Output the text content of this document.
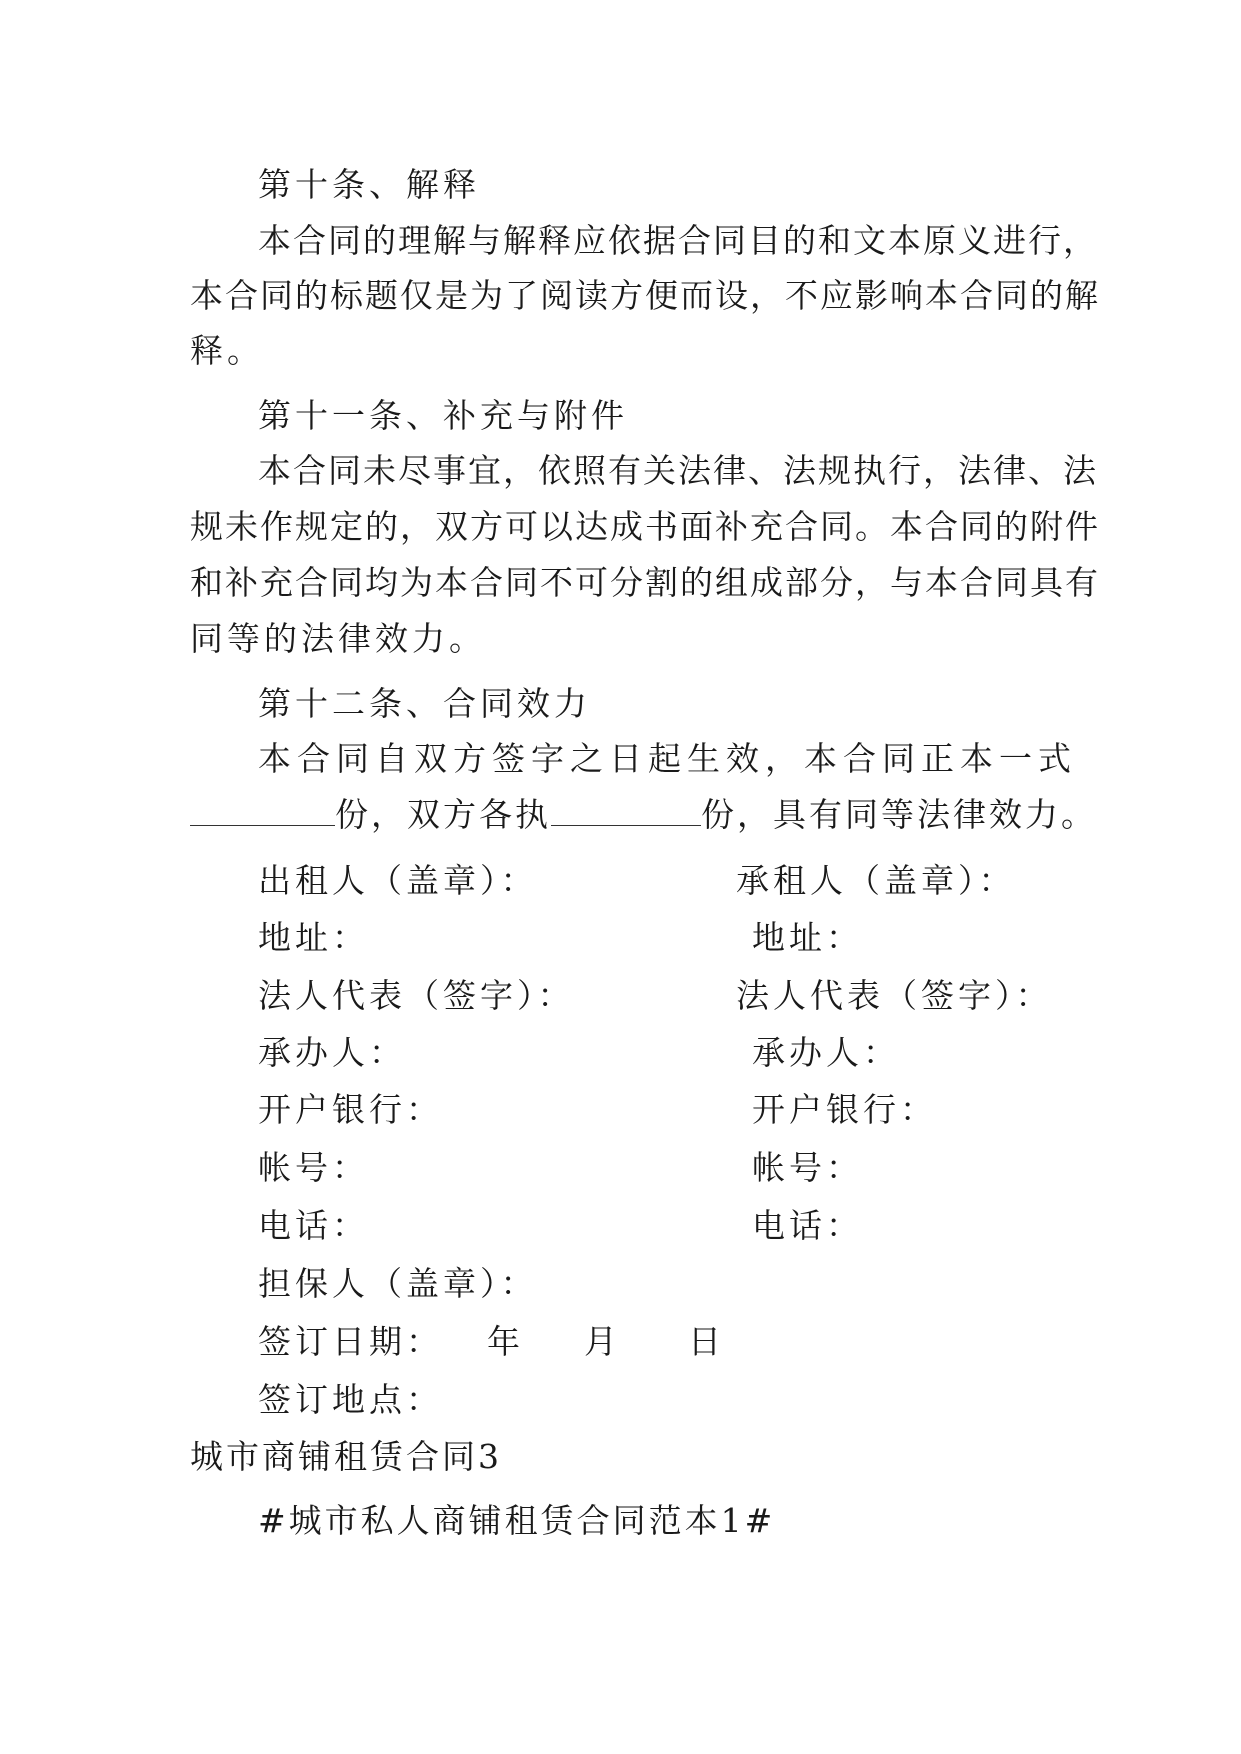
第十条、解释
本合同的理解与解释应依据合同目的和文本原义进行，
本合同的标题仅是为了阅读方便而设，不应影响本合同的解
释。
第十一条、补充与附件
本合同未尽事宜，依照有关法律、法规执行，法律、法
规未作规定的，双方可以达成书面补充合同。本合同的附件
和补充合同均为本合同不可分割的组成部分，与本合同具有
同等的法律效力。
第十二条、合同效力
本合同自双方签字之日起生效，本合同正本一式
份，双方各执	份，具有同等法律效力。
出租人（盖章）：
地址：
法人代表（签字）：
承办人：
开户银行：
帐号：
电话：
承租人（盖章）：
地址：
法人代表（签字）：
承办人：
开户银行：
帐号：
电话：
担保人（盖章）：
签订日期： 年 月 日
签订地点：
城市商铺租赁合同3
#城市私人商铺租赁合同范本1#
